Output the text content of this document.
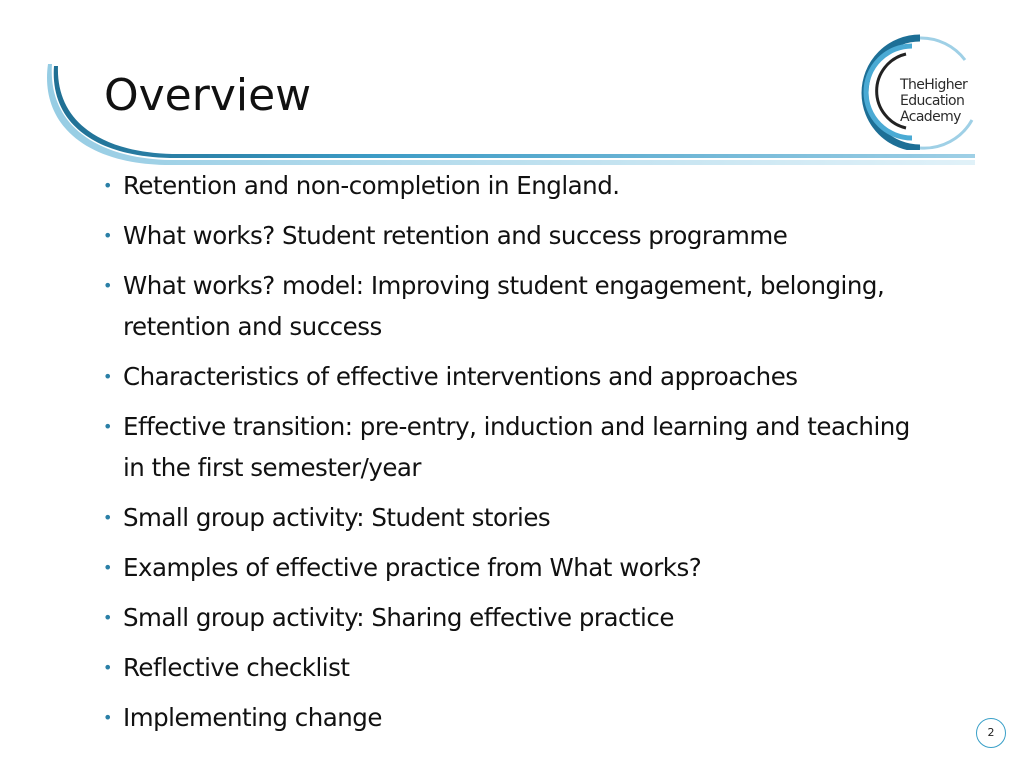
Overview	TheHigher
Education
Academy
• Retention and non-completion in England.
• What works? Student retention and success programme
• What works? model: Improving student engagement, belonging, retention and success
• Characteristics of effective interventions and approaches
• Effective transition: pre-entry, induction and learning and teaching in the first semester/year
• Small group activity: Student stories
• Examples of effective practice from What works?
• Small group activity: Sharing effective practice
• Reflective checklist
• Implementing change
2
